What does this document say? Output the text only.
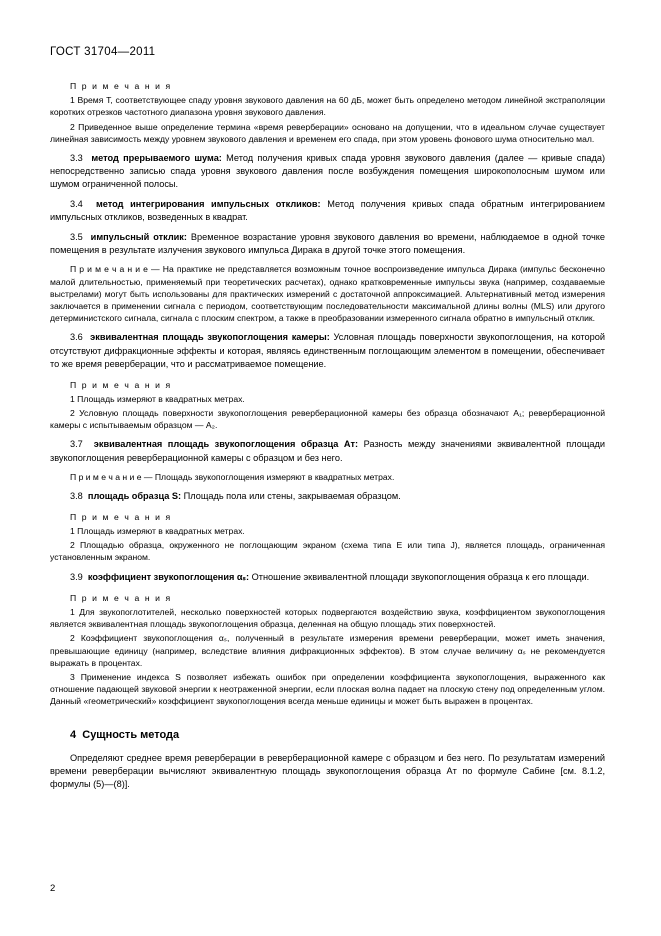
ГОСТ 31704—2011

П р и м е ч а н и я

1 Время T, соответствующее спаду уровня звукового давления на 60 дБ, может быть определено методом линейной экстраполяции коротких отрезков частотного диапазона уровня звукового давления.

2 Приведенное выше определение термина «время реверберации» основано на допущении, что в идеальном случае существует линейная зависимость между уровнем звукового давления и временем его спада, при этом уровень фонового шума относительно мал.

3.3 метод прерываемого шума: Метод получения кривых спада уровня звукового давления (далее — кривые спада) непосредственно записью спада уровня звукового давления после возбуждения помещения широкополосным шумом или шумом ограниченной полосы.

3.4 метод интегрирования импульсных откликов: Метод получения кривых спада обратным интегрированием импульсных откликов, возведенных в квадрат.

3.5 импульсный отклик: Временное возрастание уровня звукового давления во времени, наблюдаемое в одной точке помещения в результате излучения звукового импульса Дирака в другой точке этого помещения.

П р и м е ч а н и е — На практике не представляется возможным точное воспроизведение импульса Дирака (импульс бесконечно малой длительностью, применяемый при теоретических расчетах), однако кратковременные импульсы звука (например, создаваемые выстрелами) могут быть использованы для практических измерений с достаточной аппроксимацией. Альтернативный метод измерения заключается в применении сигнала с периодом, соответствующим последовательности максимальной длины волны (MLS) или другого детерминистского сигнала, сигнала с плоским спектром, а также в преобразовании измеренного сигнала обратно в импульсный отклик.

3.6 эквивалентная площадь звукопоглощения камеры: Условная площадь поверхности звукопоглощения, на которой отсутствуют дифракционные эффекты и которая, являясь единственным поглощающим элементом в помещении, обеспечивает то же время реверберации, что и рассматриваемое помещение.

П р и м е ч а н и я

1 Площадь измеряют в квадратных метрах.

2 Условную площадь поверхности звукопоглощения реверберационной камеры без образца обозначают A₁; реверберационной камеры с испытываемым образцом — A₂.

3.7 эквивалентная площадь звукопоглощения образца Aᴛ: Разность между значениями эквивалентной площади звукопоглощения реверберационной камеры с образцом и без него.

П р и м е ч а н и е — Площадь звукопоглощения измеряют в квадратных метрах.

3.8 площадь образца S: Площадь пола или стены, закрываемая образцом.

П р и м е ч а н и я

1 Площадь измеряют в квадратных метрах.

2 Площадью образца, окруженного не поглощающим экраном (схема типа Е или типа J), является площадь, ограниченная установленным экраном.

3.9 коэффициент звукопоглощения αₛ: Отношение эквивалентной площади звукопоглощения образца к его площади.

П р и м е ч а н и я

1 Для звукопоглотителей, несколько поверхностей которых подвергаются воздействию звука, коэффициентом звукопоглощения является эквивалентная площадь звукопоглощения образца, деленная на общую площадь этих поверхностей.

2 Коэффициент звукопоглощения αₛ, полученный в результате измерения времени реверберации, может иметь значения, превышающие единицу (например, вследствие влияния дифракционных эффектов). В этом случае величину αₛ не рекомендуется выражать в процентах.

3 Применение индекса S позволяет избежать ошибок при определении коэффициента звукопоглощения, выраженного как отношение падающей звуковой энергии к неотраженной энергии, если плоская волна падает на плоскую стену под определенным углом. Данный «геометрический» коэффициент звукопоглощения всегда меньше единицы и может быть выражен в процентах.

4 Сущность метода

Определяют среднее время реверберации в реверберационной камере с образцом и без него. По результатам измерений времени реверберации вычисляют эквивалентную площадь звукопоглощения образца Aᴛ по формуле Сабине [см. 8.1.2, формулы (5)—(8)].

2
